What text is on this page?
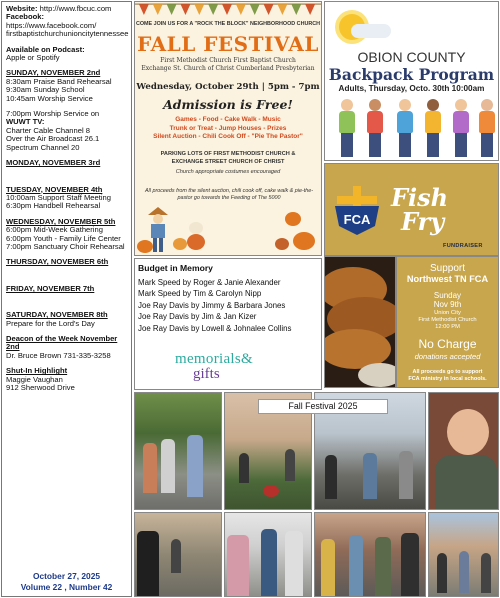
Website: http://www.fbcuc.com
Facebook:
https://www.facebook.com/
firstbaptistchurchunioncitytennessee
Available on Podcast:
Apple or Spotify
SUNDAY, NOVEMBER 2nd
8:30am Praise Band Rehearsal
9:30am Sunday School
10:45am Worship Service
7:00pm Worship Service on
WUWT TV:
Charter Cable Channel 8
Over the Air Broadcast 26.1
Spectrum Channel 20
MONDAY, NOVEMBER 3rd
TUESDAY, NOVEMBER 4th
10:00am Support Staff Meeting
6:30pm Handbell Rehearsal
WEDNESDAY, NOVEMBER 5th
6:00pm Mid-Week Gathering
6:00pm Youth - Family Life Center
7:00pm Sanctuary Choir Rehearsal
THURSDAY, NOVEMBER 6th
FRIDAY, NOVEMBER 7th
SATURDAY, NOVEMBER 8th
Prepare for the Lord's Day
Deacon of the Week November 2nd
Dr. Bruce Brown 731-335-3258
Shut-In Highlight
Maggie Vaughan
912 Sherwood Drive
October 27, 2025
Volume 22 , Number 42
COME JOIN US FOR A "ROCK THE BLOCK" NEIGHBORHOOD CHURCH
FALL FESTIVAL
First Methodist Church First Baptist Church
Exchange St. Church of Christ Cumberland Presbyterian
Wednesday, October 29th | 5pm - 7pm
Admission is Free!
Games - Food - Cake Walk - Music
Trunk or Treat - Jump Houses - Prizes
Silent Auction - Chili Cook Off - "Pie The Pastor"
PARKING LOTS OF FIRST METHODIST CHURCH &
EXCHANGE STREET CHURCH OF CHRIST
Church appropriate costumes encouraged
All proceeds from the silent auction, chili cook off, cake walk & pie-the-pastor go towards the Feeding of The 5000
OBION COUNTY
Backpack Program
Adults, Thursday, Octo. 30th 10:00am
FCA
Fish
Fry
FUNDRAISER
Support
Northwest TN FCA
Sunday
Nov 9th
Union City
First Methodist Church
12:00 PM
No Charge
donations accepted
All proceeds go to support
FCA ministry in local schools.
Budget in Memory
Mark Speed by Roger & Janie Alexander
Mark Speed by Tim & Carolyn Nipp
Joe Ray Davis by Jimmy & Barbara Jones
Joe Ray Davis by Jim & Jan Kizer
Joe Ray Davis by Lowell & Johnalee Collins
memorials&
gifts
Fall Festival 2025
